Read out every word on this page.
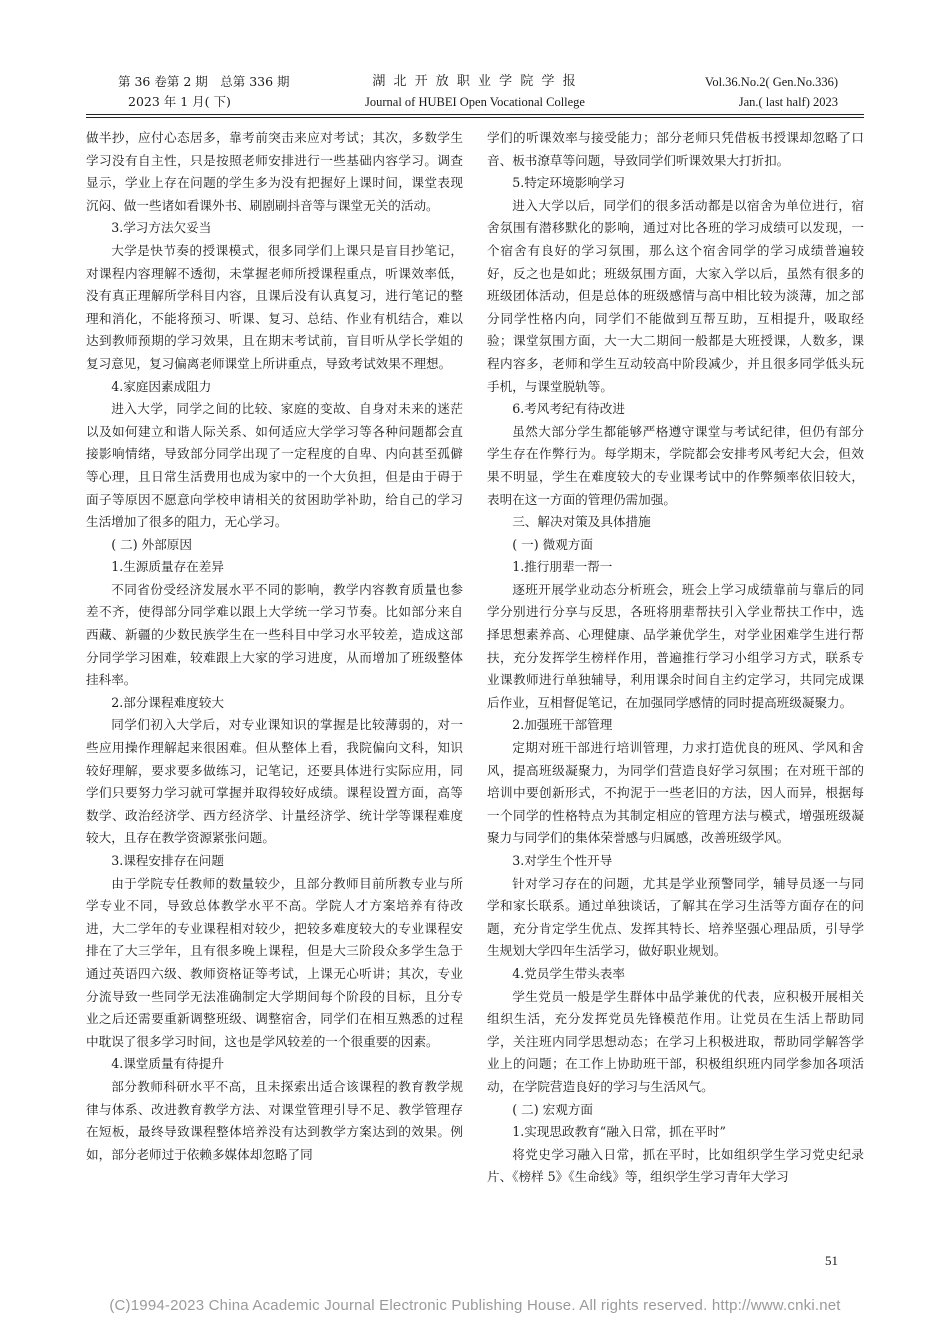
第 36 卷第 2 期　总第 336 期
2023 年 1 月( 下)
湖 北 开 放 职 业 学 院 学 报
Journal of HUBEI Open Vocational College
Vol.36.No.2( Gen.No.336)
Jan.( last half) 2023

做半抄，应付心态居多，靠考前突击来应对考试；其次，多数学生学习没有自主性，只是按照老师安排进行一些基础内容学习。调查显示，学业上存在问题的学生多为没有把握好上课时间，课堂表现沉闷、做一些诸如看课外书、刷剧刷抖音等与课堂无关的活动。

3.学习方法欠妥当

大学是快节奏的授课模式，很多同学们上课只是盲目抄笔记，对课程内容理解不透彻，未掌握老师所授课程重点，听课效率低，没有真正理解所学科目内容，且课后没有认真复习，进行笔记的整理和消化，不能将预习、听课、复习、总结、作业有机结合，难以达到教师预期的学习效果，且在期末考试前，盲目听从学长学姐的复习意见，复习偏离老师课堂上所讲重点，导致考试效果不理想。

4.家庭因素成阻力

进入大学，同学之间的比较、家庭的变故、自身对未来的迷茫以及如何建立和谐人际关系、如何适应大学学习等各种问题都会直接影响情绪，导致部分同学出现了一定程度的自卑、内向甚至孤僻等心理，且日常生活费用也成为家中的一个大负担，但是由于碍于面子等原因不愿意向学校申请相关的贫困助学补助，给自己的学习生活增加了很多的阻力，无心学习。

( 二) 外部原因
1.生源质量存在差异

不同省份受经济发展水平不同的影响，教学内容教育质量也参差不齐，使得部分同学难以跟上大学统一学习节奏。比如部分来自西藏、新疆的少数民族学生在一些科目中学习水平较差，造成这部分同学学习困难，较难跟上大家的学习进度，从而增加了班级整体挂科率。

2.部分课程难度较大

同学们初入大学后，对专业课知识的掌握是比较薄弱的，对一些应用操作理解起来很困难。但从整体上看，我院偏向文科，知识较好理解，要求要多做练习，记笔记，还要具体进行实际应用，同学们只要努力学习就可掌握并取得较好成绩。课程设置方面，高等数学、政治经济学、西方经济学、计量经济学、统计学等课程难度较大，且存在教学资源紧张问题。

3.课程安排存在问题

由于学院专任教师的数量较少，且部分教师目前所教专业与所学专业不同，导致总体教学水平不高。学院人才方案培养有待改进，大二学年的专业课程相对较少，把较多难度较大的专业课程安排在了大三学年，且有很多晚上课程，但是大三阶段众多学生急于通过英语四六级、教师资格证等考试，上课无心听讲；其次，专业分流导致一些同学无法准确制定大学期间每个阶段的目标，且分专业之后还需要重新调整班级、调整宿舍，同学们在相互熟悉的过程中耽误了很多学习时间，这也是学风较差的一个很重要的因素。

4.课堂质量有待提升

部分教师科研水平不高，且未探索出适合该课程的教育教学规律与体系、改进教育教学方法、对课堂管理引导不足、教学管理存在短板，最终导致课程整体培养没有达到教学方案达到的效果。例如，部分老师过于依赖多媒体却忽略了同

学们的听课效率与接受能力；部分老师只凭借板书授课却忽略了口音、板书潦草等问题，导致同学们听课效果大打折扣。

5.特定环境影响学习

进入大学以后，同学们的很多活动都是以宿舍为单位进行，宿舍氛围有潜移默化的影响，通过对比各班的学习成绩可以发现，一个宿舍有良好的学习氛围，那么这个宿舍同学的学习成绩普遍较好，反之也是如此；班级氛围方面，大家入学以后，虽然有很多的班级团体活动，但是总体的班级感情与高中相比较为淡薄，加之部分同学性格内向，同学们不能做到互帮互助，互相提升，吸取经验；课堂氛围方面，大一大二期间一般都是大班授课，人数多，课程内容多，老师和学生互动较高中阶段减少，并且很多同学低头玩手机，与课堂脱轨等。

6.考风考纪有待改进

虽然大部分学生都能够严格遵守课堂与考试纪律，但仍有部分学生存在作弊行为。每学期末，学院都会安排考风考纪大会，但效果不明显，学生在难度较大的专业课考试中的作弊频率依旧较大，表明在这一方面的管理仍需加强。

三、解决对策及具体措施
( 一) 微观方面
1.推行朋辈一帮一

逐班开展学业动态分析班会，班会上学习成绩靠前与靠后的同学分别进行分享与反思，各班将朋辈帮扶引入学业帮扶工作中，选择思想素养高、心理健康、品学兼优学生，对学业困难学生进行帮扶，充分发挥学生榜样作用，普遍推行学习小组学习方式，联系专业课教师进行单独辅导，利用课余时间自主约定学习，共同完成课后作业，互相督促笔记，在加强同学感情的同时提高班级凝聚力。

2.加强班干部管理

定期对班干部进行培训管理，力求打造优良的班风、学风和舍风，提高班级凝聚力，为同学们营造良好学习氛围；在对班干部的培训中要创新形式，不拘泥于一些老旧的方法，因人而异，根据每一个同学的性格特点为其制定相应的管理方法与模式，增强班级凝聚力与同学们的集体荣誉感与归属感，改善班级学风。

3.对学生个性开导

针对学习存在的问题，尤其是学业预警同学，辅导员逐一与同学和家长联系。通过单独谈话，了解其在学习生活等方面存在的问题，充分肯定学生优点、发挥其特长、培养坚强心理品质，引导学生规划大学四年生活学习，做好职业规划。

4.党员学生带头表率

学生党员一般是学生群体中品学兼优的代表，应积极开展相关组织生活，充分发挥党员先锋模范作用。让党员在生活上帮助同学，关注班内同学思想动态；在学习上积极进取，帮助同学解答学业上的问题；在工作上协助班干部，积极组织班内同学参加各项活动，在学院营造良好的学习与生活风气。

( 二) 宏观方面
1.实现思政教育“融入日常，抓在平时”

将党史学习融入日常，抓在平时，比如组织学生学习党史纪录片、《榜样 5》《生命线》等，组织学生学习青年大学习

51
(C)1994-2023 China Academic Journal Electronic Publishing House. All rights reserved. http://www.cnki.net
